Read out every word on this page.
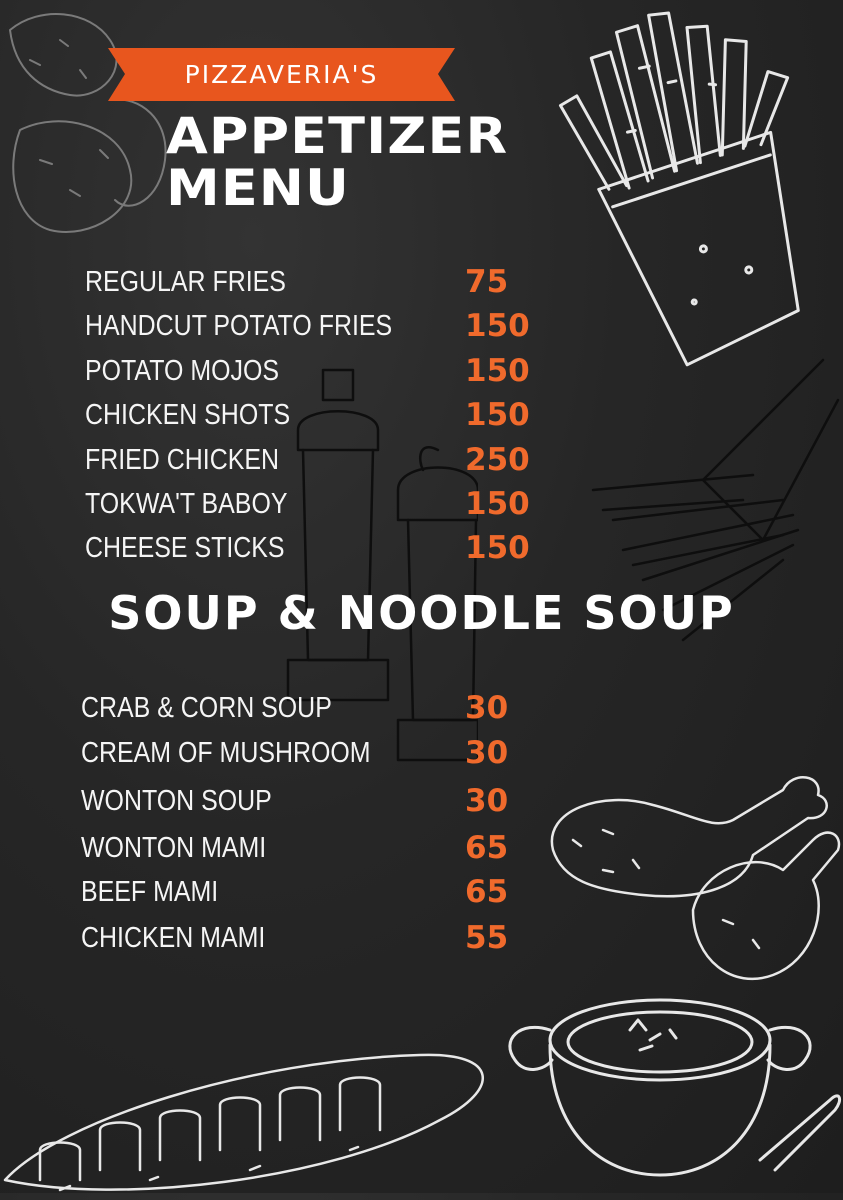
PIZZAVERIA'S
APPETIZER
MENU
REGULAR FRIES	75
HANDCUT POTATO FRIES 150
POTATO MOJOS	150
CHICKEN SHOTS	150
FRIED CHICKEN	250
TOKWA'T BABOY	150
CHEESE STICKS	150
SOUP & NOODLE SOUP
CRAB & CORN SOUP	30
CREAM OF MUSHROOM	30
WONTON SOUP	30
WONTON MAMI	65
BEEF MAMI	65
CHICKEN MAMI	55
